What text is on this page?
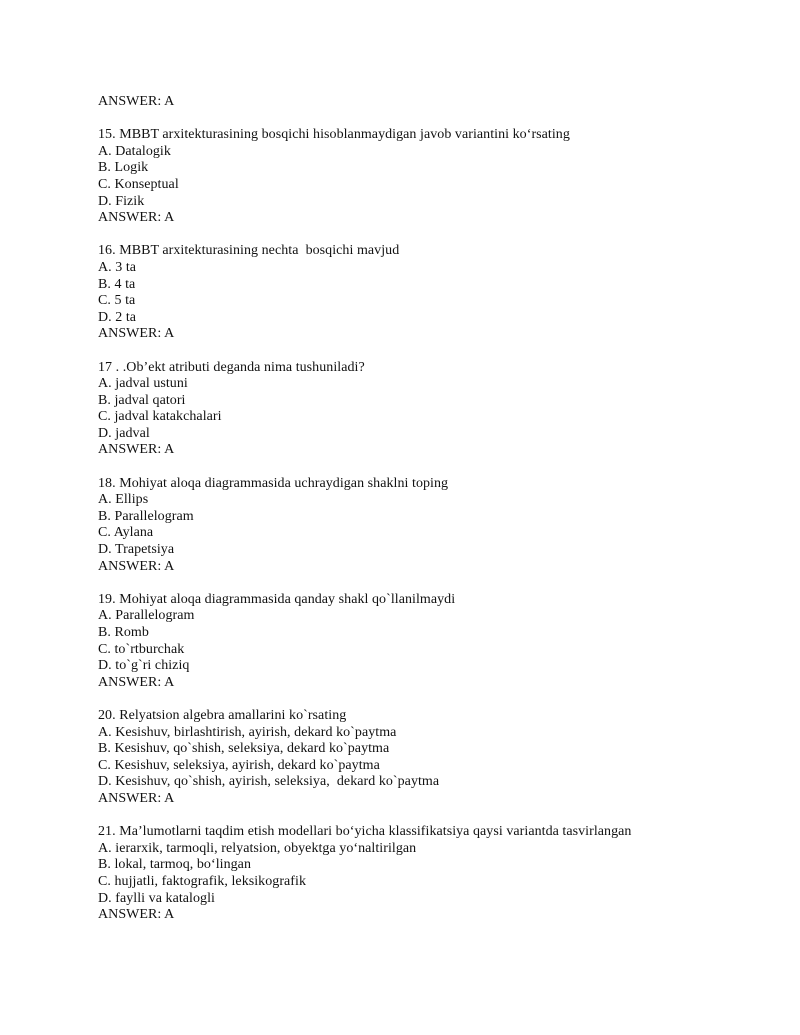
ANSWER: A
15. MBBT arxitekturasining bosqichi hisoblanmaydigan javob variantini ko‘rsating
A. Datalogik
B. Logik
C. Konseptual
D. Fizik
ANSWER: A
16. MBBT arxitekturasining nechta  bosqichi mavjud
A. 3 ta
B. 4 ta
C. 5 ta
D. 2 ta
ANSWER: A
17 . .Ob’ekt atributi deganda nima tushuniladi?
A. jadval ustuni
B. jadval qatori
C. jadval katakchalari
D. jadval
ANSWER: A
18. Mohiyat aloqa diagrammasida uchraydigan shaklni toping
A. Ellips
B. Parallelogram
C. Aylana
D. Trapetsiya
ANSWER: A
19. Mohiyat aloqa diagrammasida qanday shakl qo`llanilmaydi
A. Parallelogram
B. Romb
C. to`rtburchak
D. to`g`ri chiziq
ANSWER: A
20. Relyatsion algebra amallarini ko`rsating
A. Kesishuv, birlashtirish, ayirish, dekard ko`paytma
B. Kesishuv, qo`shish, seleksiya, dekard ko`paytma
C. Kesishuv, seleksiya, ayirish, dekard ko`paytma
D. Kesishuv, qo`shish, ayirish, seleksiya,  dekard ko`paytma
ANSWER: A
21. Ma’lumotlarni taqdim etish modellari bo‘yicha klassifikatsiya qaysi variantda tasvirlangan
A. ierarxik, tarmoqli, relyatsion, obyektga yo‘naltirilgan
B. lokal, tarmoq, bo‘lingan
C. hujjatli, faktografik, leksikografik
D. faylli va katalogli
ANSWER: A
